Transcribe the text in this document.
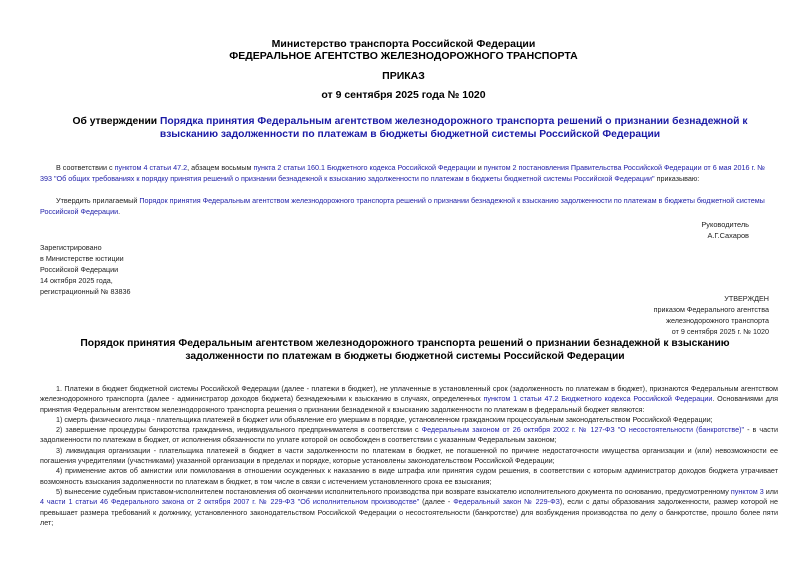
Министерство транспорта Российской Федерации
ФЕДЕРАЛЬНОЕ АГЕНТСТВО ЖЕЛЕЗНОДОРОЖНОГО ТРАНСПОРТА
ПРИКАЗ
от 9 сентября 2025 года № 1020
Об утверждении Порядка принятия Федеральным агентством железнодорожного транспорта решений о признании безнадежной к взысканию задолженности по платежам в бюджеты бюджетной системы Российской Федерации
В соответствии с пунктом 4 статьи 47.2, абзацем восьмым пункта 2 статьи 160.1 Бюджетного кодекса Российской Федерации и пунктом 2 постановления Правительства Российской Федерации от 6 мая 2016 г. № 393 "Об общих требованиях к порядку принятия решений о признании безнадежной к взысканию задолженности по платежам в бюджеты бюджетной системы Российской Федерации" приказываю:
Утвердить прилагаемый Порядок принятия Федеральным агентством железнодорожного транспорта решений о признании безнадежной к взысканию задолженности по платежам в бюджеты бюджетной системы Российской Федерации.
Руководитель
А.Г.Сахаров
Зарегистрировано
в Министерстве юстиции
Российской Федерации
14 октября 2025 года,
регистрационный № 83836
УТВЕРЖДЕН
приказом Федерального агентства
железнодорожного транспорта
от 9 сентября 2025 г. № 1020
Порядок принятия Федеральным агентством железнодорожного транспорта решений о признании безнадежной к взысканию задолженности по платежам в бюджеты бюджетной системы Российской Федерации

1. Платежи в бюджет бюджетной системы Российской Федерации (далее - платежи в бюджет), не уплаченные в установленный срок (задолженность по платежам в бюджет), признаются Федеральным агентством железнодорожного транспорта (далее - администратор доходов бюджета) безнадежными к взысканию в случаях, определенных пунктом 1 статьи 47.2 Бюджетного кодекса Российской Федерации. Основаниями для принятия Федеральным агентством железнодорожного транспорта решения о признании безнадежной к взысканию задолженности по платежам в федеральный бюджет являются:

1) смерть физического лица - плательщика платежей в бюджет или объявление его умершим в порядке, установленном гражданским процессуальным законодательством Российской Федерации;

2) завершение процедуры банкротства гражданина, индивидуального предпринимателя в соответствии с Федеральным законом от 26 октября 2002 г. № 127-ФЗ "О несостоятельности (банкротстве)" - в части задолженности по платежам в бюджет, от исполнения обязанности по уплате которой он освобожден в соответствии с указанным Федеральным законом;

3) ликвидация организации - плательщика платежей в бюджет в части задолженности по платежам в бюджет, не погашенной по причине недостаточности имущества организации и (или) невозможности ее погашения учредителями (участниками) указанной организации в пределах и порядке, которые установлены законодательством Российской Федерации;

4) применение актов об амнистии или помилования в отношении осужденных к наказанию в виде штрафа или принятия судом решения, в соответствии с которым администратор доходов бюджета утрачивает возможность взыскания задолженности по платежам в бюджет, в том числе в связи с истечением установленного срока ее взыскания;

5) вынесение судебным приставом-исполнителем постановления об окончании исполнительного производства при возврате взыскателю исполнительного документа по основанию, предусмотренному пунктом 3 или 4 части 1 статьи 46 Федерального закона от 2 октября 2007 г. № 229-ФЗ "Об исполнительном производстве" (далее - Федеральный закон № 229-ФЗ), если с даты образования задолженности, размер которой не превышает размера требований к должнику, установленного законодательством Российской Федерации о несостоятельности (банкротстве) для возбуждения производства по делу о банкротстве, прошло более пяти лет;
